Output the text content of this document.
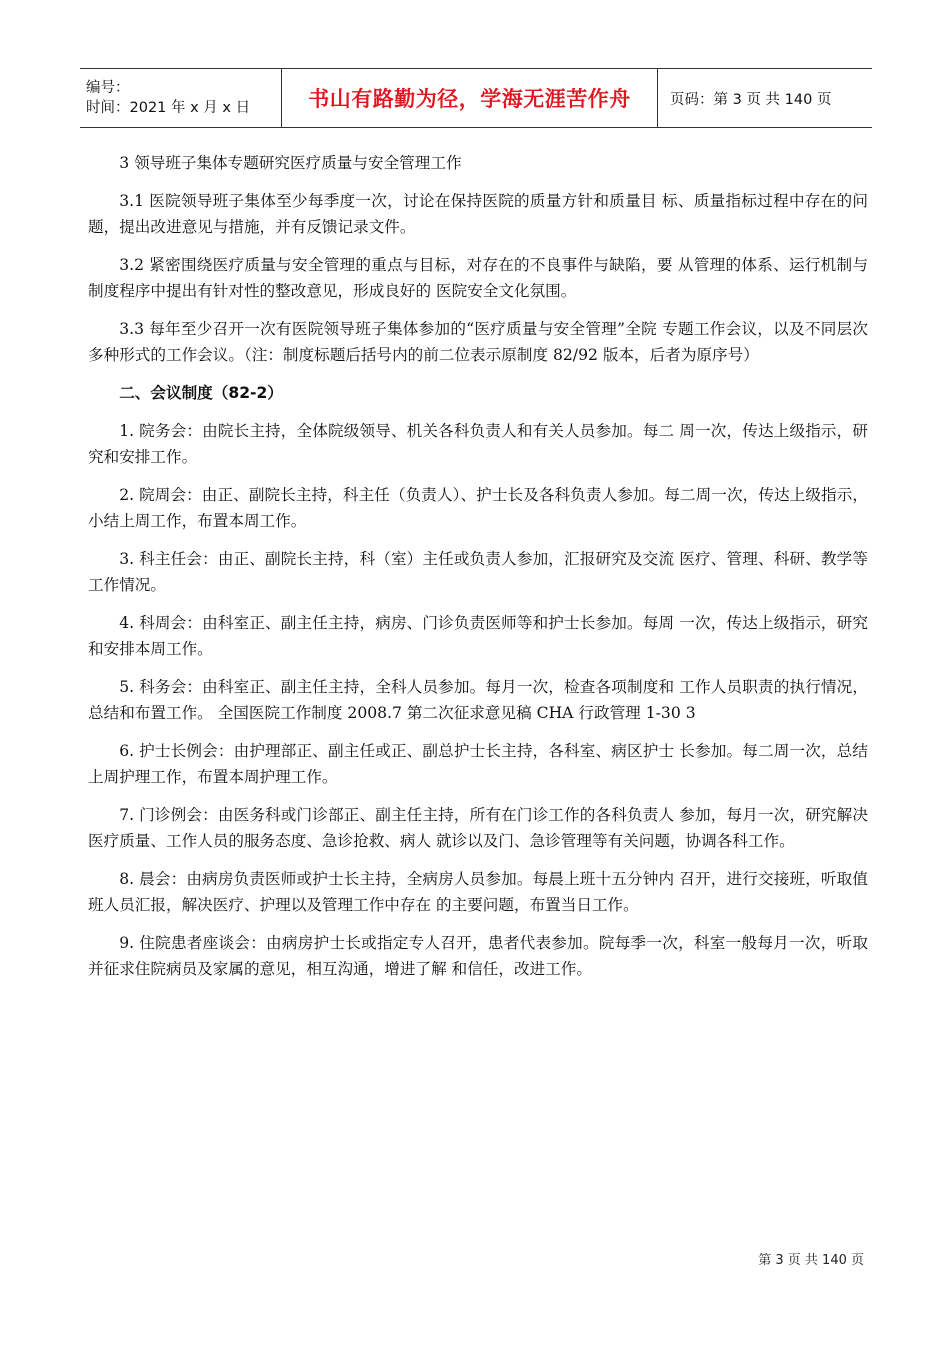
编号：
时间：2021 年 x 月 x 日	书山有路勤为径，学海无涯苦作舟	页码：第 3 页 共 140 页

3 领导班子集体专题研究医疗质量与安全管理工作

3.1 医院领导班子集体至少每季度一次，讨论在保持医院的质量方针和质量目 标、质量指标过程中存在的问题，提出改进意见与措施，并有反馈记录文件。

3.2 紧密围绕医疗质量与安全管理的重点与目标，对存在的不良事件与缺陷，要 从管理的体系、运行机制与制度程序中提出有针对性的整改意见，形成良好的 医院安全文化氛围。

3.3 每年至少召开一次有医院领导班子集体参加的“医疗质量与安全管理”全院 专题工作会议，以及不同层次多种形式的工作会议。（注：制度标题后括号内的前二位表示原制度 82/92 版本，后者为原序号）

二、会议制度（82-2）

1. 院务会：由院长主持，全体院级领导、机关各科负责人和有关人员参加。每二 周一次，传达上级指示，研究和安排工作。

2. 院周会：由正、副院长主持，科主任（负责人）、护士长及各科负责人参加。每二周一次，传达上级指示，小结上周工作，布置本周工作。

3. 科主任会：由正、副院长主持，科（室）主任或负责人参加，汇报研究及交流 医疗、管理、科研、教学等工作情况。

4. 科周会：由科室正、副主任主持，病房、门诊负责医师等和护士长参加。每周 一次，传达上级指示，研究和安排本周工作。

5. 科务会：由科室正、副主任主持，全科人员参加。每月一次，检查各项制度和 工作人员职责的执行情况，总结和布置工作。 全国医院工作制度 2008.7 第二次征求意见稿 CHA 行政管理 1-30 3

6. 护士长例会：由护理部正、副主任或正、副总护士长主持，各科室、病区护士 长参加。每二周一次，总结上周护理工作，布置本周护理工作。

7. 门诊例会：由医务科或门诊部正、副主任主持，所有在门诊工作的各科负责人 参加，每月一次，研究解决医疗质量、工作人员的服务态度、急诊抢救、病人 就诊以及门、急诊管理等有关问题，协调各科工作。

8. 晨会：由病房负责医师或护士长主持，全病房人员参加。每晨上班十五分钟内 召开，进行交接班，听取值班人员汇报，解决医疗、护理以及管理工作中存在 的主要问题，布置当日工作。

9. 住院患者座谈会：由病房护士长或指定专人召开，患者代表参加。院每季一次，科室一般每月一次，听取并征求住院病员及家属的意见，相互沟通，增进了解 和信任，改进工作。

第 3 页 共 140 页
